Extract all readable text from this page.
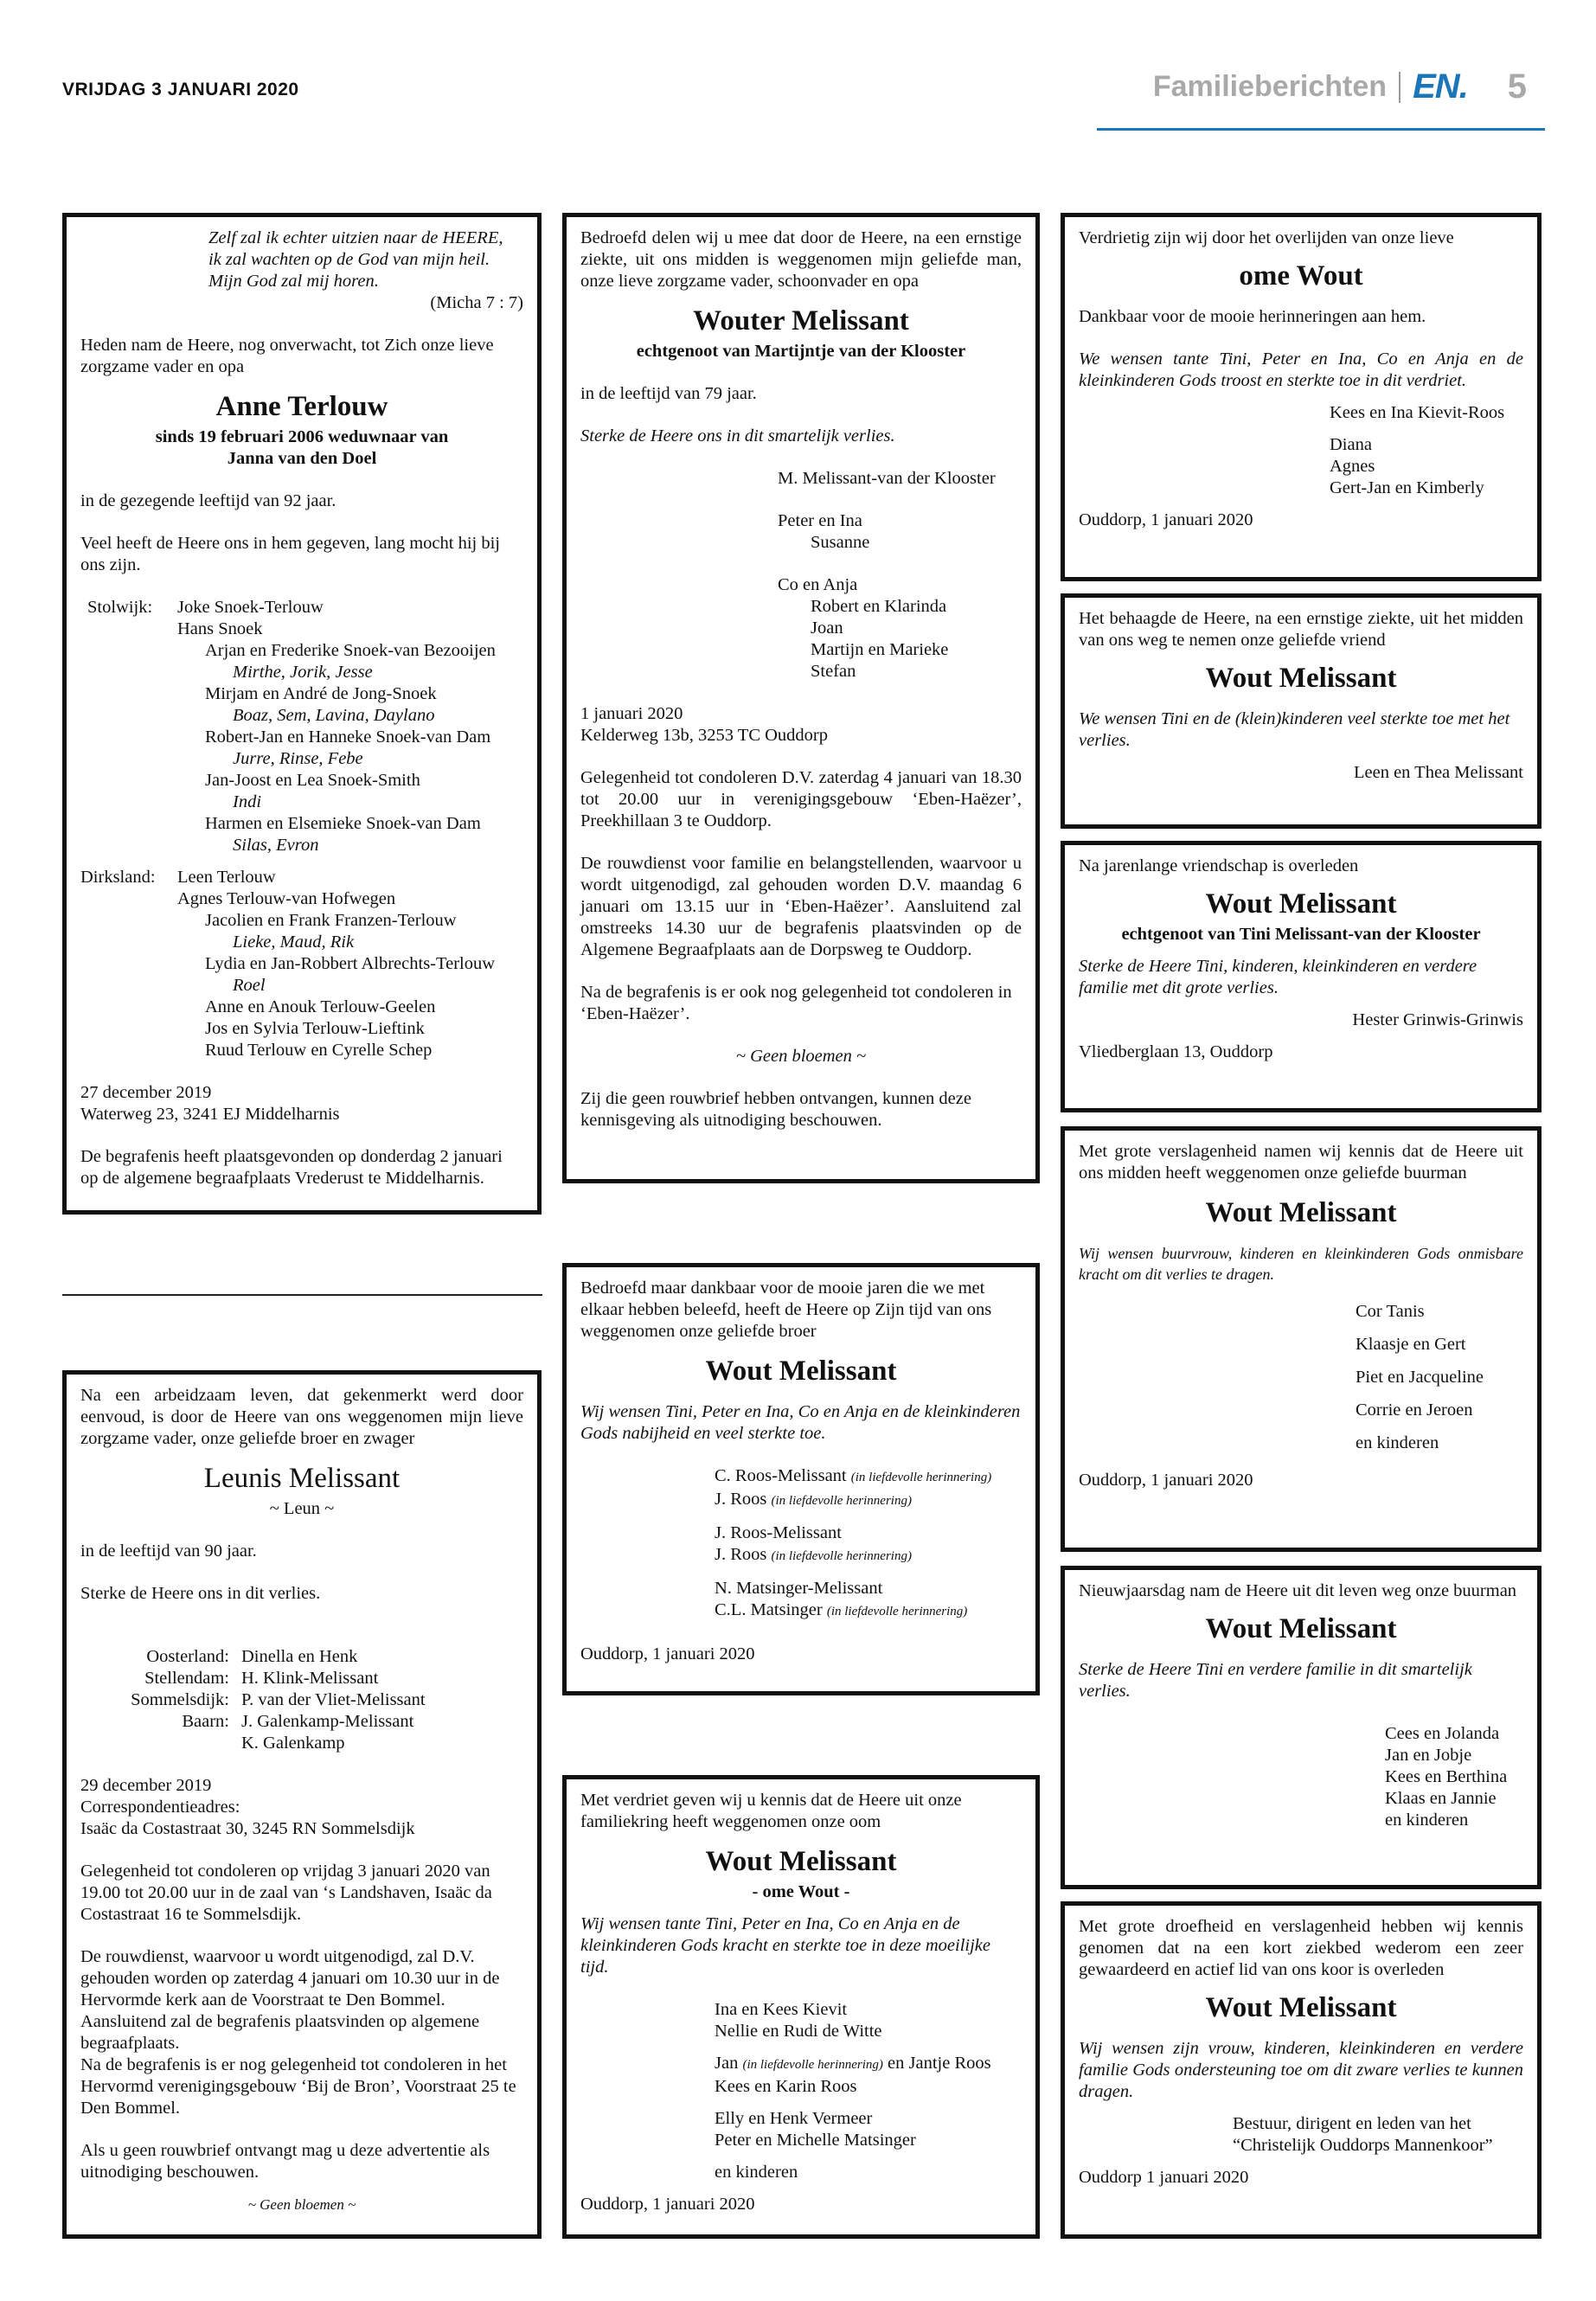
VRIJDAG 3 JANUARI 2020	Familieberichten EN. 5

Zelf zal ik echter uitzien naar de HEERE,

ik zal wachten op de God van mijn heil.

Mijn God zal mij horen.

(Micha 7 : 7)

Heden nam de Heere, nog onverwacht, tot Zich onze lieve zorgzame vader en opa

Anne Terlouw

sinds 19 februari 2006 weduwnaar van

Janna van den Doel

in de gezegende leeftijd van 92 jaar.

Veel heeft de Heere ons in hem gegeven, lang mocht hij bij ons zijn.

Stolwijk: Joke Snoek-Terlouw

Hans Snoek

Arjan en Frederike Snoek-van Bezooijen

Mirthe, Jorik, Jesse

Mirjam en André de Jong-Snoek

Boaz, Sem, Lavina, Daylano

Robert-Jan en Hanneke Snoek-van Dam

Jurre, Rinse, Febe

Jan-Joost en Lea Snoek-Smith

Indi

Harmen en Elsemieke Snoek-van Dam

Silas, Evron

Dirksland: Leen Terlouw

Agnes Terlouw-van Hofwegen

Jacolien en Frank Franzen-Terlouw

Lieke, Maud, Rik

Lydia en Jan-Robbert Albrechts-Terlouw

Roel

Anne en Anouk Terlouw-Geelen

Jos en Sylvia Terlouw-Lieftink

Ruud Terlouw en Cyrelle Schep

27 december 2019

Waterweg 23, 3241 EJ Middelharnis

De begrafenis heeft plaatsgevonden op donderdag 2 januari op de algemene begraafplaats Vrederust te Middelharnis.

Na een arbeidzaam leven, dat gekenmerkt werd door eenvoud, is door de Heere van ons weggenomen mijn lieve zorgzame vader, onze geliefde broer en zwager

Leunis Melissant

~ Leun ~

in de leeftijd van 90 jaar.

Sterke de Heere ons in dit verlies.

Oosterland: Dinella en Henk
Stellendam: H. Klink-Melissant
Sommelsdijk: P. van der Vliet-Melissant
Baarn: J. Galenkamp-Melissant
K. Galenkamp

29 december 2019

Correspondentieadres:

Isaäc da Costastraat 30, 3245 RN Sommelsdijk

Gelegenheid tot condoleren op vrijdag 3 januari 2020 van 19.00 tot 20.00 uur in de zaal van ‘s Landshaven, Isaäc da Costastraat 16 te Sommelsdijk.

De rouwdienst, waarvoor u wordt uitgenodigd, zal D.V. gehouden worden op zaterdag 4 januari om 10.30 uur in de Hervormde kerk aan de Voorstraat te Den Bommel. Aansluitend zal de begrafenis plaatsvinden op algemene begraafplaats.

Na de begrafenis is er nog gelegenheid tot condoleren in het Hervormd verenigingsgebouw ‘Bij de Bron’, Voorstraat 25 te Den Bommel.

Als u geen rouwbrief ontvangt mag u deze advertentie als uitnodiging beschouwen.

~ Geen bloemen ~

Bedroefd delen wij u mee dat door de Heere, na een ernstige ziekte, uit ons midden is weggenomen mijn geliefde man, onze lieve zorgzame vader, schoonvader en opa

Wouter Melissant

echtgenoot van Martijntje van der Klooster

in de leeftijd van 79 jaar.

Sterke de Heere ons in dit smartelijk verlies.

M. Melissant-van der Klooster

Peter en Ina

Susanne

Co en Anja

Robert en Klarinda

Joan

Martijn en Marieke

Stefan

1 januari 2020

Kelderweg 13b, 3253 TC Ouddorp

Gelegenheid tot condoleren D.V. zaterdag 4 januari van 18.30 tot 20.00 uur in verenigingsgebouw ‘Eben-Haëzer’, Preekhillaan 3 te Ouddorp.

De rouwdienst voor familie en belangstellenden, waarvoor u wordt uitgenodigd, zal gehouden worden D.V. maandag 6 januari om 13.15 uur in ‘Eben-Haëzer’. Aansluitend zal omstreeks 14.30 uur de begrafenis plaatsvinden op de Algemene Begraafplaats aan de Dorpsweg te Ouddorp.

Na de begrafenis is er ook nog gelegenheid tot condoleren in ‘Eben-Haëzer’.

~ Geen bloemen ~

Zij die geen rouwbrief hebben ontvangen, kunnen deze kennisgeving als uitnodiging beschouwen.

Bedroefd maar dankbaar voor de mooie jaren die we met elkaar hebben beleefd, heeft de Heere op Zijn tijd van ons weggenomen onze geliefde broer

Wout Melissant

Wij wensen Tini, Peter en Ina, Co en Anja en de kleinkinderen Gods nabijheid en veel sterkte toe.

C. Roos-Melissant (in liefdevolle herinnering)

J. Roos (in liefdevolle herinnering)

J. Roos-Melissant

J. Roos (in liefdevolle herinnering)

N. Matsinger-Melissant

C.L. Matsinger (in liefdevolle herinnering)

Ouddorp, 1 januari 2020

Met verdriet geven wij u kennis dat de Heere uit onze familiekring heeft weggenomen onze oom

Wout Melissant

- ome Wout -

Wij wensen tante Tini, Peter en Ina, Co en Anja en de kleinkinderen Gods kracht en sterkte toe in deze moeilijke tijd.

Ina en Kees Kievit

Nellie en Rudi de Witte

Jan (in liefdevolle herinnering) en Jantje Roos

Kees en Karin Roos

Elly en Henk Vermeer

Peter en Michelle Matsinger

en kinderen

Ouddorp, 1 januari 2020

Verdrietig zijn wij door het overlijden van onze lieve

ome Wout

Dankbaar voor de mooie herinneringen aan hem.

We wensen tante Tini, Peter en Ina, Co en Anja en de kleinkinderen Gods troost en sterkte toe in dit verdriet.

Kees en Ina Kievit-Roos

Diana

Agnes

Gert-Jan en Kimberly

Ouddorp, 1 januari 2020

Het behaagde de Heere, na een ernstige ziekte, uit het midden van ons weg te nemen onze geliefde vriend

Wout Melissant

We wensen Tini en de (klein)kinderen veel sterkte toe met het verlies.

Leen en Thea Melissant

Na jarenlange vriendschap is overleden

Wout Melissant

echtgenoot van Tini Melissant-van der Klooster

Sterke de Heere Tini, kinderen, kleinkinderen en verdere familie met dit grote verlies.

Hester Grinwis-Grinwis

Vliedberglaan 13, Ouddorp

Met grote verslagenheid namen wij kennis dat de Heere uit ons midden heeft weggenomen onze geliefde buurman

Wout Melissant

Wij wensen buurvrouw, kinderen en kleinkinderen Gods onmisbare kracht om dit verlies te dragen.

Cor Tanis

Klaasje en Gert

Piet en Jacqueline

Corrie en Jeroen

en kinderen

Ouddorp, 1 januari 2020

Nieuwjaarsdag nam de Heere uit dit leven weg onze buurman

Wout Melissant

Sterke de Heere Tini en verdere familie in dit smartelijk verlies.

Cees en Jolanda

Jan en Jobje

Kees en Berthina

Klaas en Jannie

en kinderen

Met grote droefheid en verslagenheid hebben wij kennis genomen dat na een kort ziekbed wederom een zeer gewaardeerd en actief lid van ons koor is overleden

Wout Melissant

Wij wensen zijn vrouw, kinderen, kleinkinderen en verdere familie Gods ondersteuning toe om dit zware verlies te kunnen dragen.

Bestuur, dirigent en leden van het

“Christelijk Ouddorps Mannenkoor”

Ouddorp 1 januari 2020
